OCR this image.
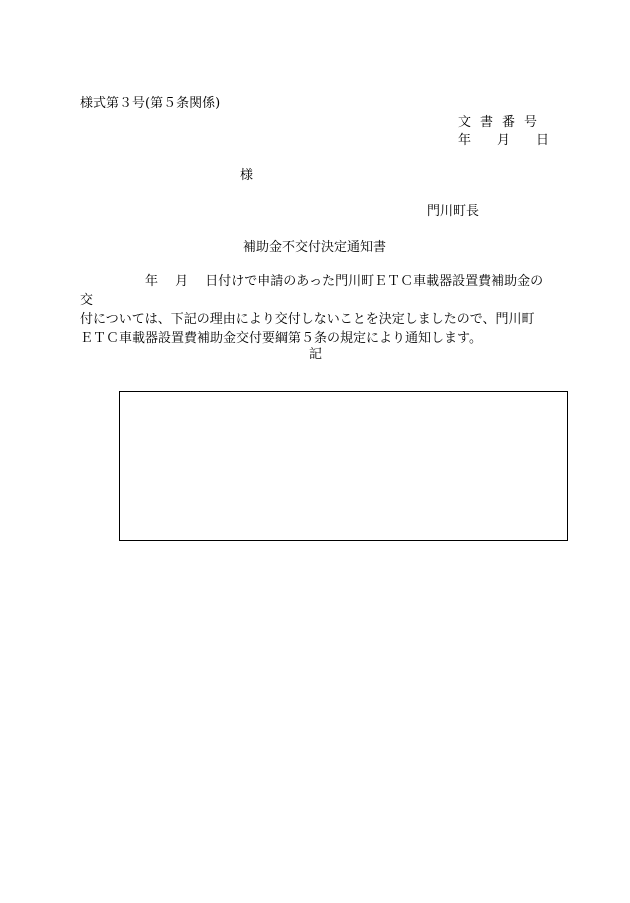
様式第３号(第５条関係)
文書番号
年　　月　　日
様
門川町長
補助金不交付決定通知書

　　　　　年　 月　 日付けで申請のあった門川町ＥＴＣ車載器設置費補助金の交

付については、下記の理由により交付しないことを決定しましたので、門川町

ＥＴＣ車載器設置費補助金交付要綱第５条の規定により通知します。

記
